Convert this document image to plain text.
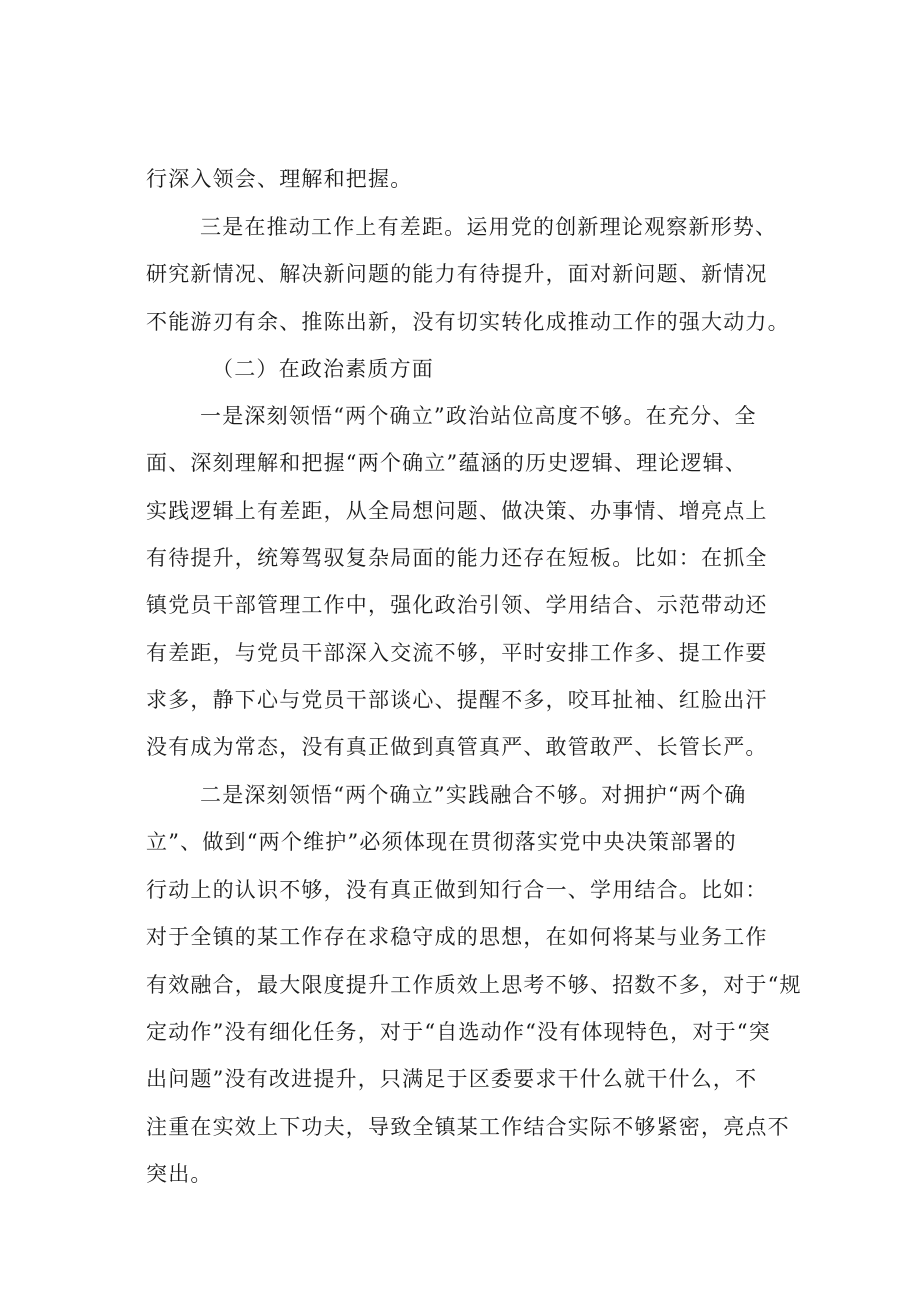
行深入领会、理解和把握。
三是在推动工作上有差距。运用党的创新理论观察新形势、
研究新情况、解决新问题的能力有待提升，面对新问题、新情况
不能游刃有余、推陈出新，没有切实转化成推动工作的强大动力。
（二）在政治素质方面
一是深刻领悟“两个确立”政治站位高度不够。在充分、全
面、深刻理解和把握“两个确立”蕴涵的历史逻辑、理论逻辑、
实践逻辑上有差距，从全局想问题、做决策、办事情、增亮点上
有待提升，统筹驾驭复杂局面的能力还存在短板。比如：在抓全
镇党员干部管理工作中，强化政治引领、学用结合、示范带动还
有差距，与党员干部深入交流不够，平时安排工作多、提工作要
求多，静下心与党员干部谈心、提醒不多，咬耳扯袖、红脸出汗
没有成为常态，没有真正做到真管真严、敢管敢严、长管长严。
二是深刻领悟“两个确立”实践融合不够。对拥护“两个确
立”、做到“两个维护”必须体现在贯彻落实党中央决策部署的
行动上的认识不够，没有真正做到知行合一、学用结合。比如：
对于全镇的某工作存在求稳守成的思想，在如何将某与业务工作
有效融合，最大限度提升工作质效上思考不够、招数不多，对于“规
定动作”没有细化任务，对于“自选动作“没有体现特色，对于“突
出问题”没有改进提升，只满足于区委要求干什么就干什么，不
注重在实效上下功夫，导致全镇某工作结合实际不够紧密，亮点不
突出。
